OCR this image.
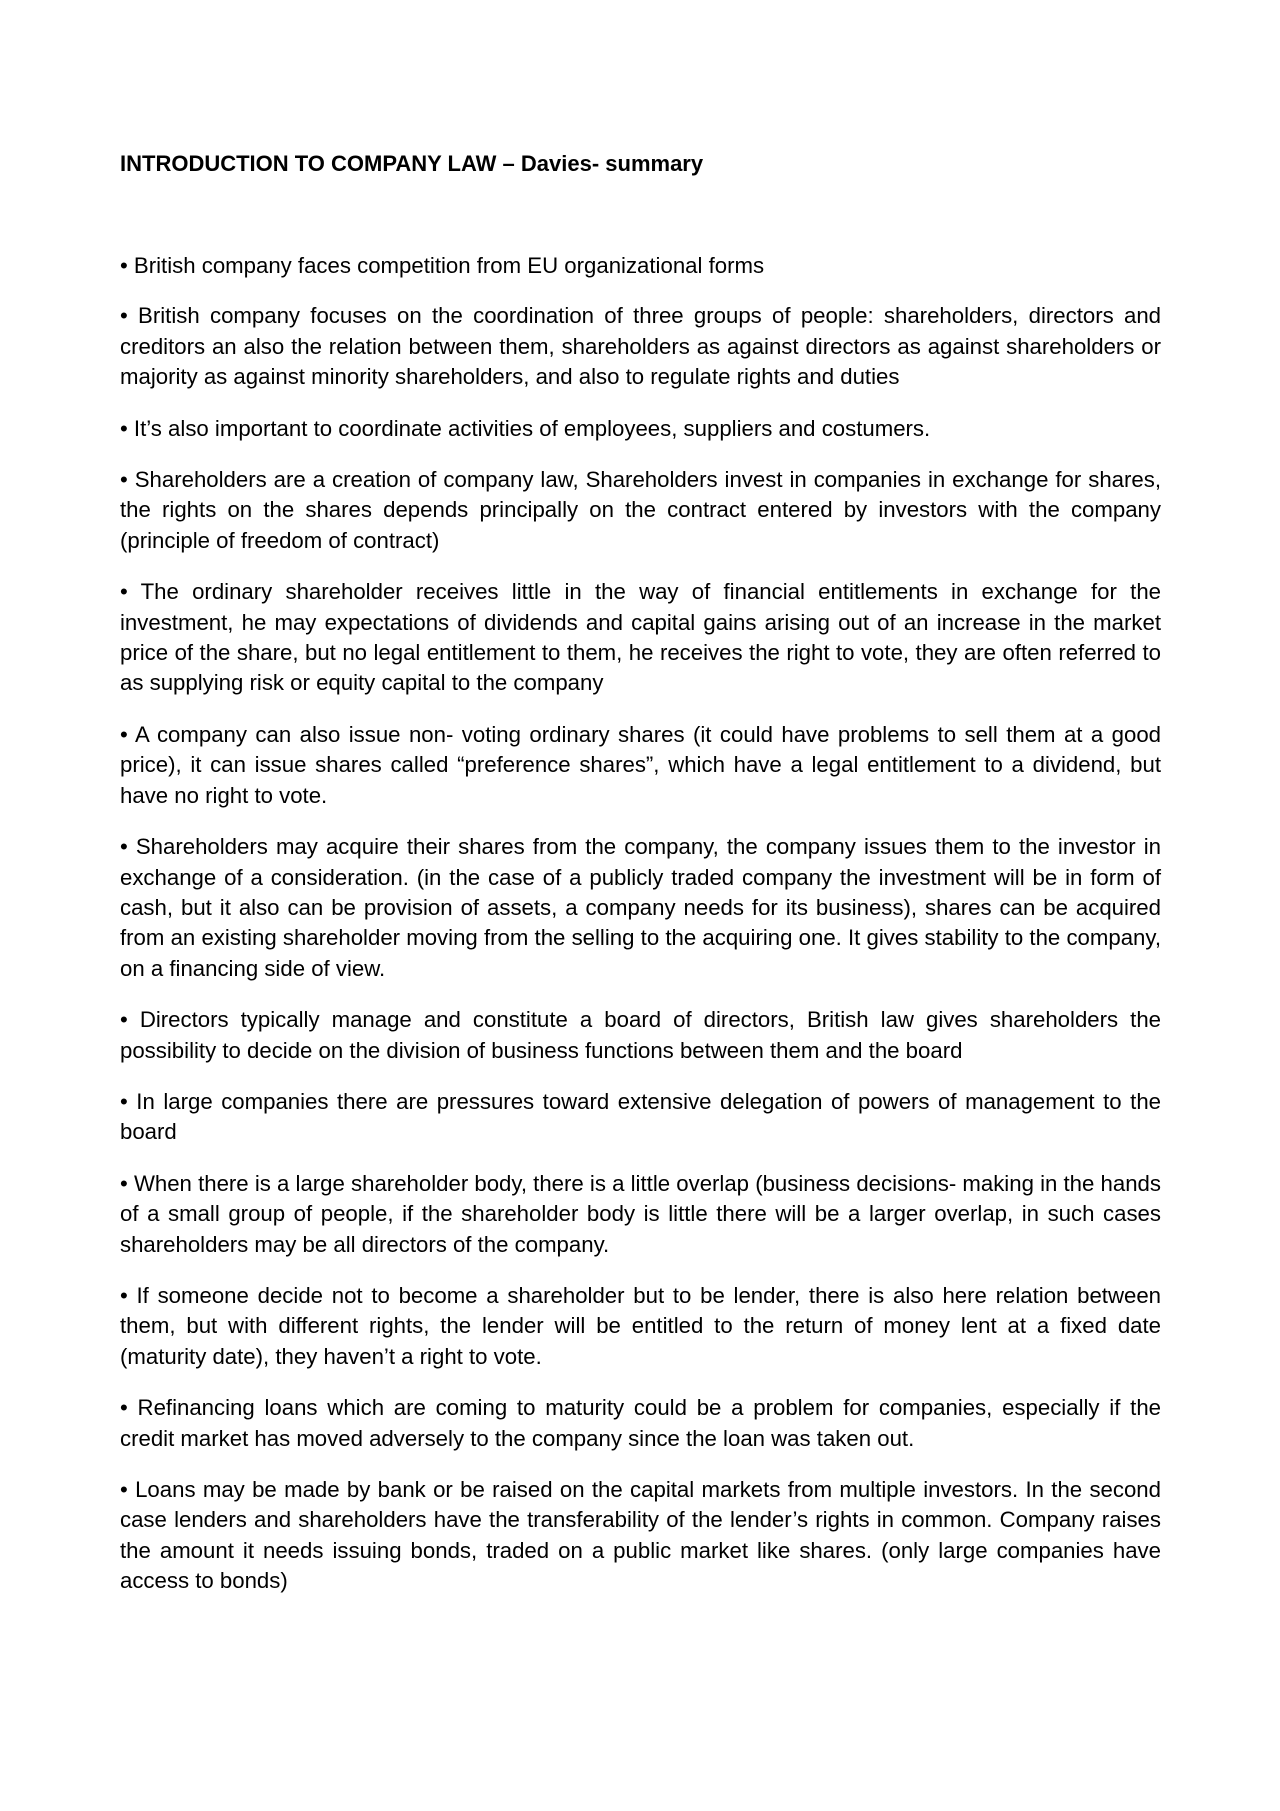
INTRODUCTION TO COMPANY LAW – Davies- summary

• British company faces competition from EU organizational forms

• British company focuses on the coordination of three groups of people: shareholders, directors and creditors an also the relation between them, shareholders as against directors as against shareholders or majority as against minority shareholders, and also to regulate rights and duties

• It’s also important to coordinate activities of employees, suppliers and costumers.

• Shareholders are a creation of company law, Shareholders invest in companies in exchange for shares, the rights on the shares depends principally on the contract entered by investors with the company (principle of freedom of contract)

• The ordinary shareholder receives little in the way of financial entitlements in exchange for the investment, he may expectations of dividends and capital gains arising out of an increase in the market price of the share, but no legal entitlement to them, he receives the right to vote, they are often referred to as supplying risk or equity capital to the company

• A company can also issue non- voting ordinary shares (it could have problems to sell them at a good price), it can issue shares called “preference shares”, which have a legal entitlement to a dividend, but have no right to vote.

• Shareholders may acquire their shares from the company, the company issues them to the investor in exchange of a consideration. (in the case of a publicly traded company the investment will be in form of cash, but it also can be provision of assets, a company needs for its business), shares can be acquired from an existing shareholder moving from the selling to the acquiring one. It gives stability to the company, on a financing side of view.

• Directors typically manage and constitute a board of directors, British law gives shareholders the possibility to decide on the division of business functions between them and the board

• In large companies there are pressures toward extensive delegation of powers of management to the board

• When there is a large shareholder body, there is a little overlap (business decisions- making in the hands of a small group of people, if the shareholder body is little there will be a larger overlap, in such cases shareholders may be all directors of the company.

• If someone decide not to become a shareholder but to be lender, there is also here relation between them, but with different rights, the lender will be entitled to the return of money lent at a fixed date (maturity date), they haven’t a right to vote.

• Refinancing loans which are coming to maturity could be a problem for companies, especially if the credit market has moved adversely to the company since the loan was taken out.

• Loans may be made by bank or be raised on the capital markets from multiple investors. In the second case lenders and shareholders have the transferability of the lender’s rights in common. Company raises the amount it needs issuing bonds, traded on a public market like shares. (only large companies have access to bonds)
